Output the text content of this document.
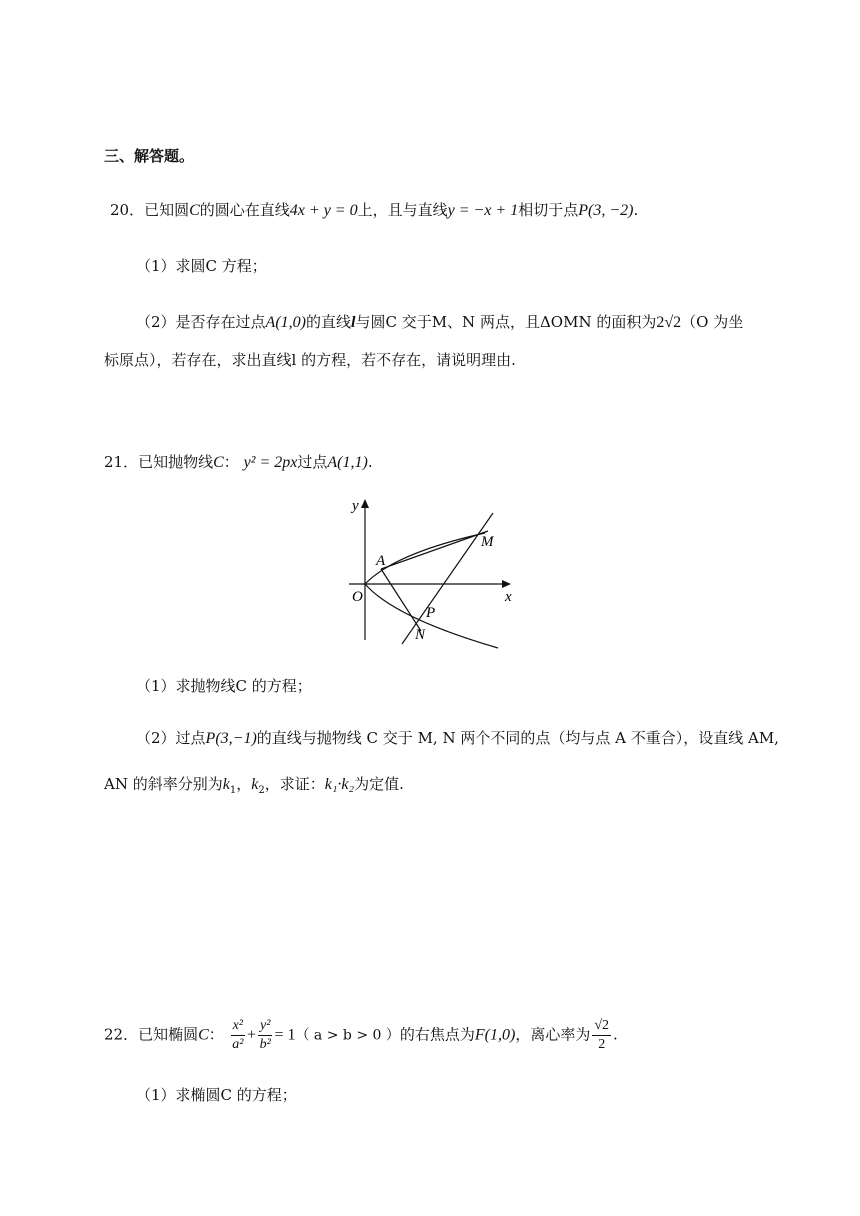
三、解答题。
20．已知圆C的圆心在直线4x + y = 0上，且与直线y = −x + 1相切于点P(3, −2).
（1）求圆C 方程；
（2）是否存在过点A(1,0)的直线l与圆C 交于M、N 两点，且ΔOMN 的面积为2√2（O 为坐
标原点），若存在，求出直线l 的方程，若不存在，请说明理由.
21．已知抛物线C： y² = 2px过点A(1,1).
y
x
O
A
M
P
N
（1）求抛物线C 的方程；
（2）过点P(3,−1)的直线与抛物线 C 交于 M, N 两个不同的点（均与点 A 不重合），设直线 AM,
AN 的斜率分别为$k_1$，$k_2$，求证：k₁·k₂为定值.
22．已知椭圆C： $\frac{\text{x²}}{\text{a²}} + \frac{\text{y²}}{\text{b²}} = 1$（ a > b > 0 ）的右焦点为F(1,0)，离心率为 $\frac{√2}{2}$ .
（1）求椭圆C 的方程；
